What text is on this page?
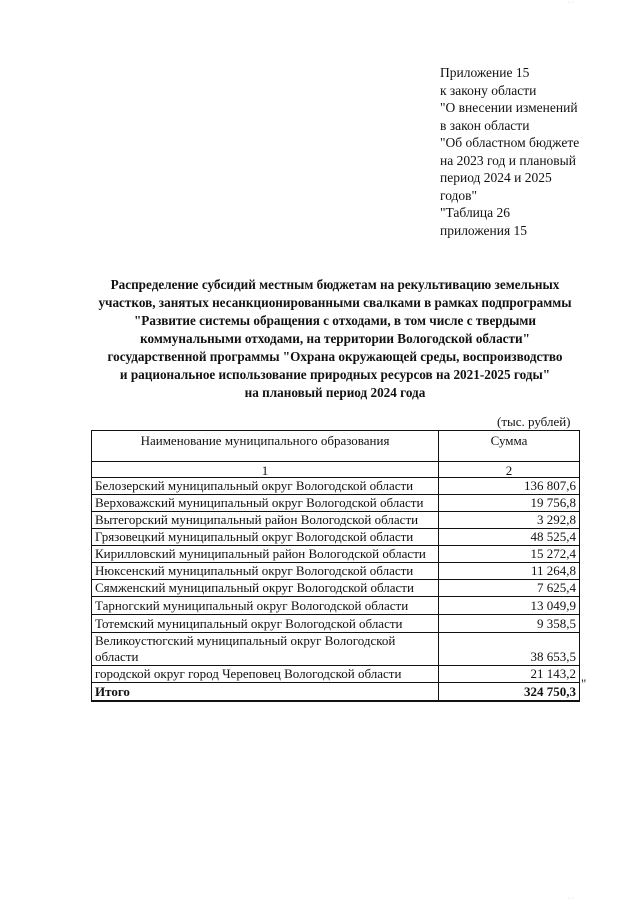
Приложение 15
к закону области
"О внесении изменений
в закон области
"Об областном бюджете
на 2023 год и плановый
период 2024 и 2025
годов"
"Таблица 26
приложения 15
Распределение субсидий местным бюджетам на рекультивацию земельных
участков, занятых несанкционированными свалками в рамках подпрограммы
"Развитие системы обращения с отходами, в том числе с твердыми
коммунальными отходами, на территории Вологодской области"
государственной программы "Охрана окружающей среды, воспроизводство
и рациональное использование природных ресурсов на 2021-2025 годы"
на плановый период 2024 года
(тыс. рублей)
Наименование муниципального образования	Сумма
1	2
Белозерский муниципальный округ Вологодской области	136 807,6
Верховажский муниципальный округ Вологодской области	19 756,8
Вытегорский муниципальный район Вологодской области	3 292,8
Грязовецкий муниципальный округ Вологодской области	48 525,4
Кирилловский муниципальный район Вологодской области	15 272,4
Нюксенский муниципальный округ Вологодской области	11 264,8
Сямженский муниципальный округ Вологодской области	7 625,4
Тарногский муниципальный округ Вологодской области	13 049,9
Тотемский муниципальный округ Вологодской области	9 358,5
Великоустюгский муниципальный округ Вологодской области	38 653,5
городской округ город Череповец Вологодской области	21 143,2
Итого	324 750,3
"
· ·
· ·
